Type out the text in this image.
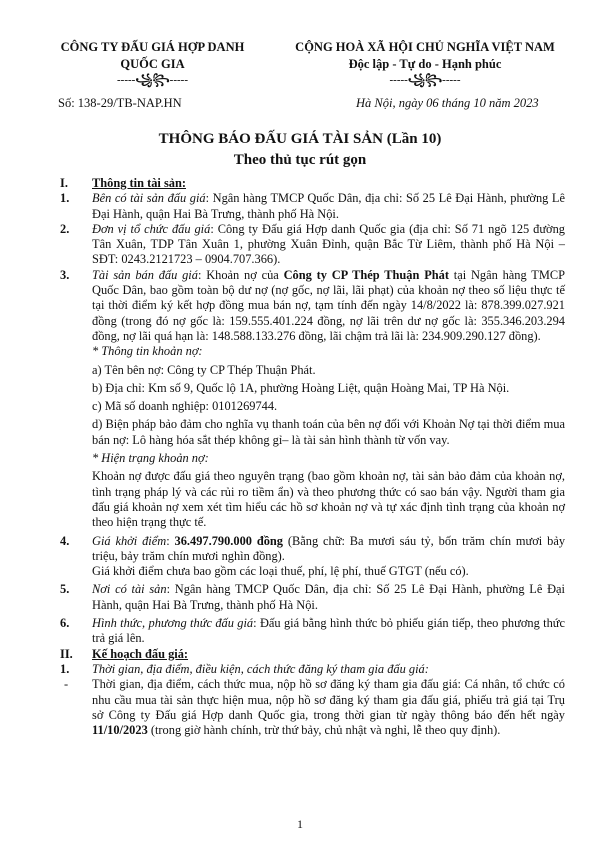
CÔNG TY ĐẤU GIÁ HỢP DANH
QUỐC GIA
-----꧁꧂-----
CỘNG HOÀ XÃ HỘI CHỦ NGHĨA VIỆT NAM
Độc lập - Tự do - Hạnh phúc
-----꧁꧂-----
Số: 138-29/TB-NAP.HN	Hà Nội, ngày 06 tháng 10 năm 2023
THÔNG BÁO ĐẤU GIÁ TÀI SẢN (Lần 10)
Theo thủ tục rút gọn
I.	Thông tin tài sản:
1.	Bên có tài sản đấu giá: Ngân hàng TMCP Quốc Dân, địa chỉ: Số 25 Lê Đại Hành, phường Lê Đại Hành, quận Hai Bà Trưng, thành phố Hà Nội.
2.	Đơn vị tổ chức đấu giá: Công ty Đấu giá Hợp danh Quốc gia (địa chỉ: Số 71 ngõ 125 đường Tân Xuân, TDP Tân Xuân 1, phường Xuân Đỉnh, quận Bắc Từ Liêm, thành phố Hà Nội – SĐT: 0243.2121723 – 0904.707.366).
3.	Tài sản bán đấu giá: Khoản nợ của Công ty CP Thép Thuận Phát tại Ngân hàng TMCP Quốc Dân, bao gồm toàn bộ dư nợ (nợ gốc, nợ lãi, lãi phạt) của khoản nợ theo số liệu thực tế tại thời điểm ký kết hợp đồng mua bán nợ, tạm tính đến ngày 14/8/2022 là: 878.399.027.921 đồng (trong đó nợ gốc là: 159.555.401.224 đồng, nợ lãi trên dư nợ gốc là: 355.346.203.294 đồng, nợ lãi quá hạn là: 148.588.133.276 đồng, lãi chậm trả lãi là: 234.909.290.127 đồng).
* Thông tin khoản nợ:
a) Tên bên nợ: Công ty CP Thép Thuận Phát.
b) Địa chỉ: Km số 9, Quốc lộ 1A, phường Hoàng Liệt, quận Hoàng Mai, TP Hà Nội.
c) Mã số doanh nghiệp: 0101269744.
d) Biện pháp bảo đảm cho nghĩa vụ thanh toán của bên nợ đối với Khoản Nợ tại thời điểm mua bán nợ: Lô hàng hóa sắt thép không gỉ– là tài sản hình thành từ vốn vay.
* Hiện trạng khoản nợ:
Khoản nợ được đấu giá theo nguyên trạng (bao gồm khoản nợ, tài sản bảo đảm của khoản nợ, tình trạng pháp lý và các rủi ro tiềm ẩn) và theo phương thức có sao bán vậy. Người tham gia đấu giá khoản nợ xem xét tìm hiểu các hồ sơ khoản nợ và tự xác định tình trạng của khoản nợ theo hiện trạng thực tế.
4.	Giá khởi điểm: 36.497.790.000 đồng (Bằng chữ: Ba mươi sáu tỷ, bốn trăm chín mươi bảy triệu, bảy trăm chín mươi nghìn đồng).
Giá khởi điểm chưa bao gồm các loại thuế, phí, lệ phí, thuế GTGT (nếu có).
5.	Nơi có tài sản: Ngân hàng TMCP Quốc Dân, địa chỉ: Số 25 Lê Đại Hành, phường Lê Đại Hành, quận Hai Bà Trưng, thành phố Hà Nội.
6.	Hình thức, phương thức đấu giá: Đấu giá bằng hình thức bỏ phiếu gián tiếp, theo phương thức trả giá lên.
II.	Kế hoạch đấu giá:
1.	Thời gian, địa điểm, điều kiện, cách thức đăng ký tham gia đấu giá:
-	Thời gian, địa điểm, cách thức mua, nộp hồ sơ đăng ký tham gia đấu giá: Cá nhân, tổ chức có nhu cầu mua tài sản thực hiện mua, nộp hồ sơ đăng ký tham gia đấu giá, phiếu trả giá tại Trụ sở Công ty Đấu giá Hợp danh Quốc gia, trong thời gian từ ngày thông báo đến hết ngày 11/10/2023 (trong giờ hành chính, trừ thứ bảy, chủ nhật và nghỉ, lễ theo quy định).
1
